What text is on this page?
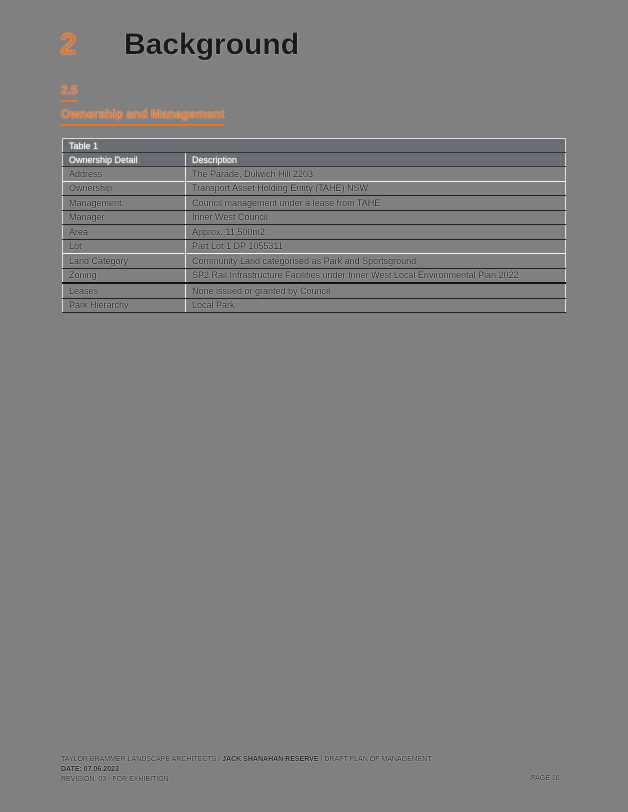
2 Background
2.5
Ownership and Management
Table 1	
Ownership Detail	Description
Address	The Parade, Dulwich Hill 2203
Ownership	Transport Asset Holding Entity (TAHE) NSW
Management	Council management under a lease from TAHE
Manager	Inner West Council
Area	Approx. 11,500m2
Lot	Part Lot 1 DP 1055311
Land Category	Community Land categorised as Park and Sportsground
Zoning	SP2 Rail Infrastructure Facilities under Inner West Local Environmental Plan 2022
Leases	None issued or granted by Council
Park Hierarchy	Local Park
TAYLOR BRAMMER LANDSCAPE ARCHITECTS / JACK SHANAHAN RESERVE / DRAFT PLAN OF MANAGEMENT
DATE: 07.06.2023
REVISION: 03 - FOR EXHIBITION	PAGE 16
